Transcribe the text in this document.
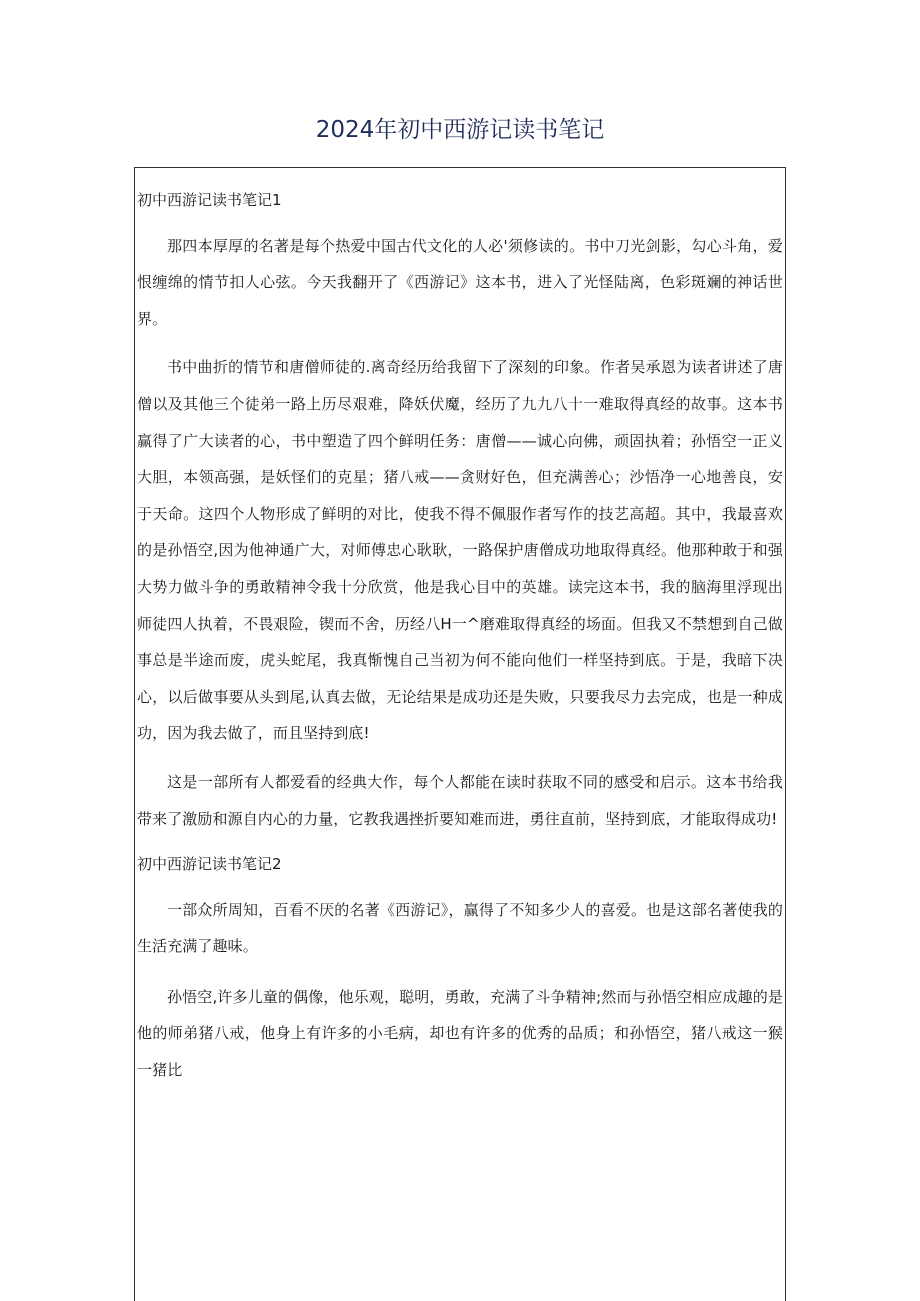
2024年初中西游记读书笔记
初中西游记读书笔记1

那四本厚厚的名著是每个热爱中国古代文化的人必'须修读的。书中刀光剑影，勾心斗角，爱恨缠绵的情节扣人心弦。今天我翻开了《西游记》这本书，进入了光怪陆离，色彩斑斓的神话世界。

书中曲折的情节和唐僧师徒的.离奇经历给我留下了深刻的印象。作者吴承恩为读者讲述了唐僧以及其他三个徒弟一路上历尽艰难，降妖伏魔，经历了九九八十一难取得真经的故事。这本书赢得了广大读者的心，书中塑造了四个鲜明任务：唐僧——诚心向佛，顽固执着；孙悟空一正义大胆，本领高强，是妖怪们的克星；猪八戒——贪财好色，但充满善心；沙悟净一心地善良，安于天命。这四个人物形成了鲜明的对比，使我不得不佩服作者写作的技艺高超。其中，我最喜欢的是孙悟空,因为他神通广大，对师傅忠心耿耿，一路保护唐僧成功地取得真经。他那种敢于和强大势力做斗争的勇敢精神令我十分欣赏，他是我心目中的英雄。读完这本书，我的脑海里浮现出师徒四人执着，不畏艰险，锲而不舍，历经八H一^磨难取得真经的场面。但我又不禁想到自己做事总是半途而废，虎头蛇尾，我真惭愧自己当初为何不能向他们一样坚持到底。于是，我暗下决心，以后做事要从头到尾,认真去做，无论结果是成功还是失败，只要我尽力去完成，也是一种成功，因为我去做了，而且坚持到底!

这是一部所有人都爱看的经典大作，每个人都能在读时获取不同的感受和启示。这本书给我带来了激励和源自内心的力量，它教我遇挫折要知难而进，勇往直前，坚持到底，才能取得成功!

初中西游记读书笔记2

一部众所周知，百看不厌的名著《西游记》，赢得了不知多少人的喜爱。也是这部名著使我的生活充满了趣味。

孙悟空,许多儿童的偶像，他乐观，聪明，勇敢，充满了斗争精神;然而与孙悟空相应成趣的是他的师弟猪八戒，他身上有许多的小毛病，却也有许多的优秀的品质；和孙悟空，猪八戒这一猴一猪比
